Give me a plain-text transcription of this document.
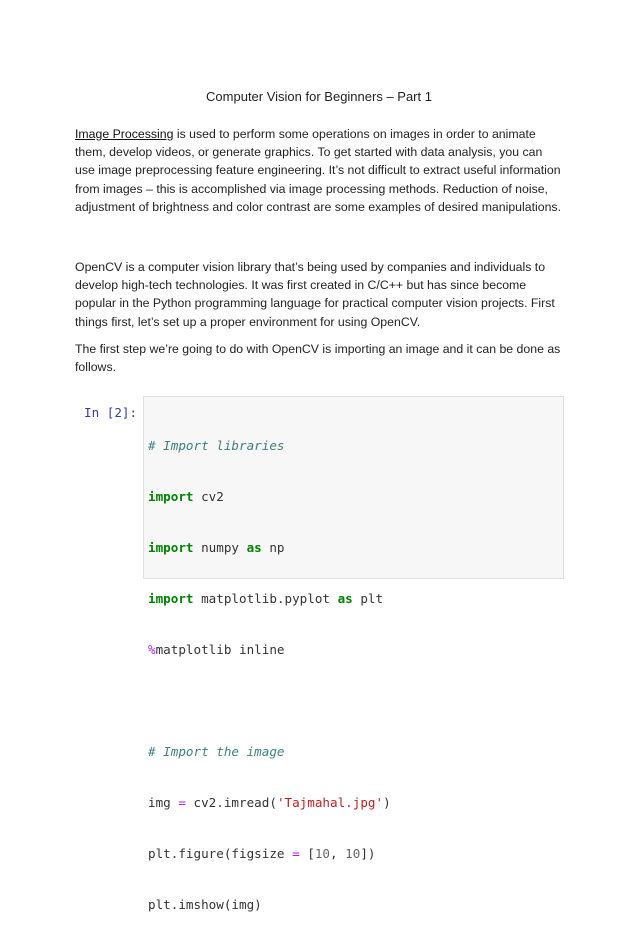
Computer Vision for Beginners – Part 1
Image Processing is used to perform some operations on images in order to animate them, develop videos, or generate graphics. To get started with data analysis, you can use image preprocessing feature engineering. It’s not difficult to extract useful information from images – this is accomplished via image processing methods. Reduction of noise, adjustment of brightness and color contrast are some examples of desired manipulations.
OpenCV is a computer vision library that’s being used by companies and individuals to develop high-tech technologies. It was first created in C/C++ but has since become popular in the Python programming language for practical computer vision projects. First things first, let’s set up a proper environment for using OpenCV.
The first step we’re going to do with OpenCV is importing an image and it can be done as follows.
In [2]:

# Import libraries

import cv2

import numpy as np

import matplotlib.pyplot as plt

%matplotlib inline

# Import the image

img = cv2.imread('Tajmahal.jpg')

plt.figure(figsize = [10, 10])

plt.imshow(img)
